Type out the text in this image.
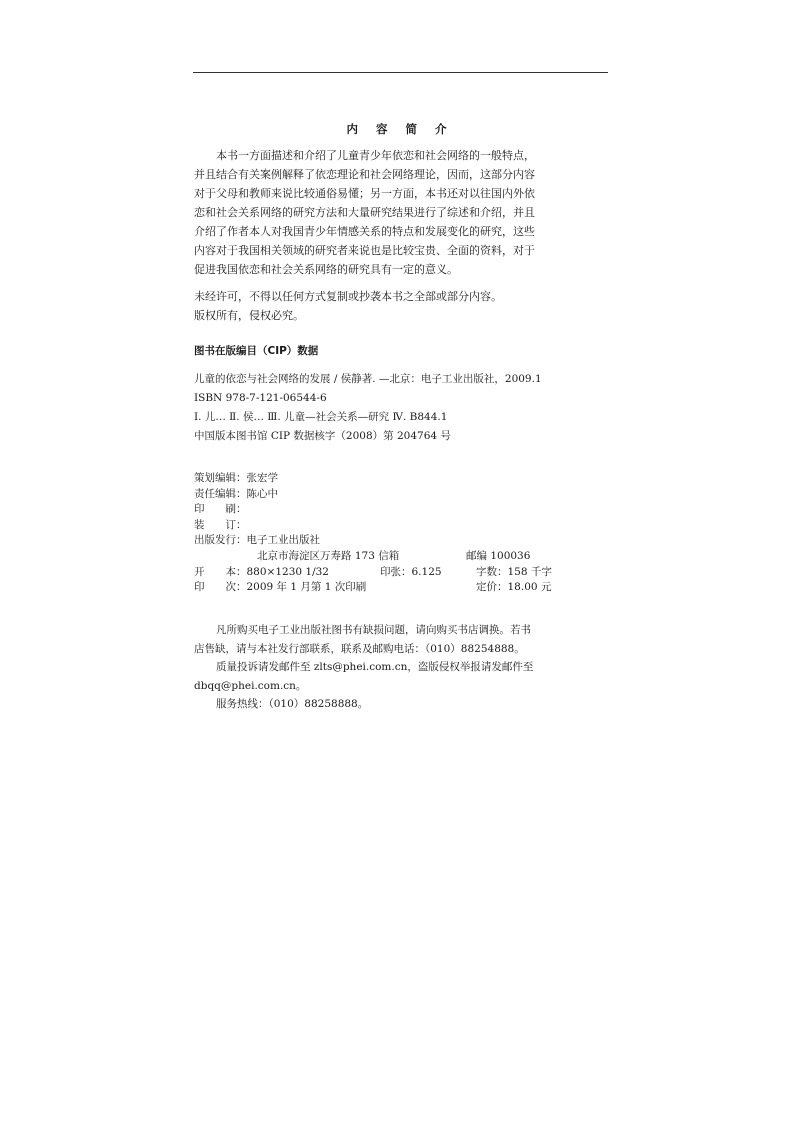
内 容 简 介
本书一方面描述和介绍了儿童青少年依恋和社会网络的一般特点，
并且结合有关案例解释了依恋理论和社会网络理论，因而，这部分内容
对于父母和教师来说比较通俗易懂；另一方面，本书还对以往国内外依
恋和社会关系网络的研究方法和大量研究结果进行了综述和介绍，并且
介绍了作者本人对我国青少年情感关系的特点和发展变化的研究，这些
内容对于我国相关领域的研究者来说也是比较宝贵、全面的资料，对于
促进我国依恋和社会关系网络的研究具有一定的意义。
未经许可，不得以任何方式复制或抄袭本书之全部或部分内容。
版权所有，侵权必究。
图书在版编目（CIP）数据
儿童的依恋与社会网络的发展 / 侯静著. —北京：电子工业出版社，2009.1
ISBN 978-7-121-06544-6
Ⅰ. 儿… Ⅱ. 侯… Ⅲ. 儿童—社会关系—研究 Ⅳ. B844.1
中国版本图书馆 CIP 数据核字（2008）第 204764 号
策划编辑：张宏学
责任编辑：陈心中
印　　刷：
装　　订：
出版发行：电子工业出版社
北京市海淀区万寿路 173 信箱	邮编 100036
开　　本：880×1230 1/32	印张：6.125	字数：158 千字
印　　次：2009 年 1 月第 1 次印刷	定价：18.00 元
凡所购买电子工业出版社图书有缺损问题，请向购买书店调换。若书
店售缺，请与本社发行部联系，联系及邮购电话：（010）88254888。
质量投诉请发邮件至 zlts@phei.com.cn，盗版侵权举报请发邮件至
dbqq@phei.com.cn。
服务热线：（010）88258888。
